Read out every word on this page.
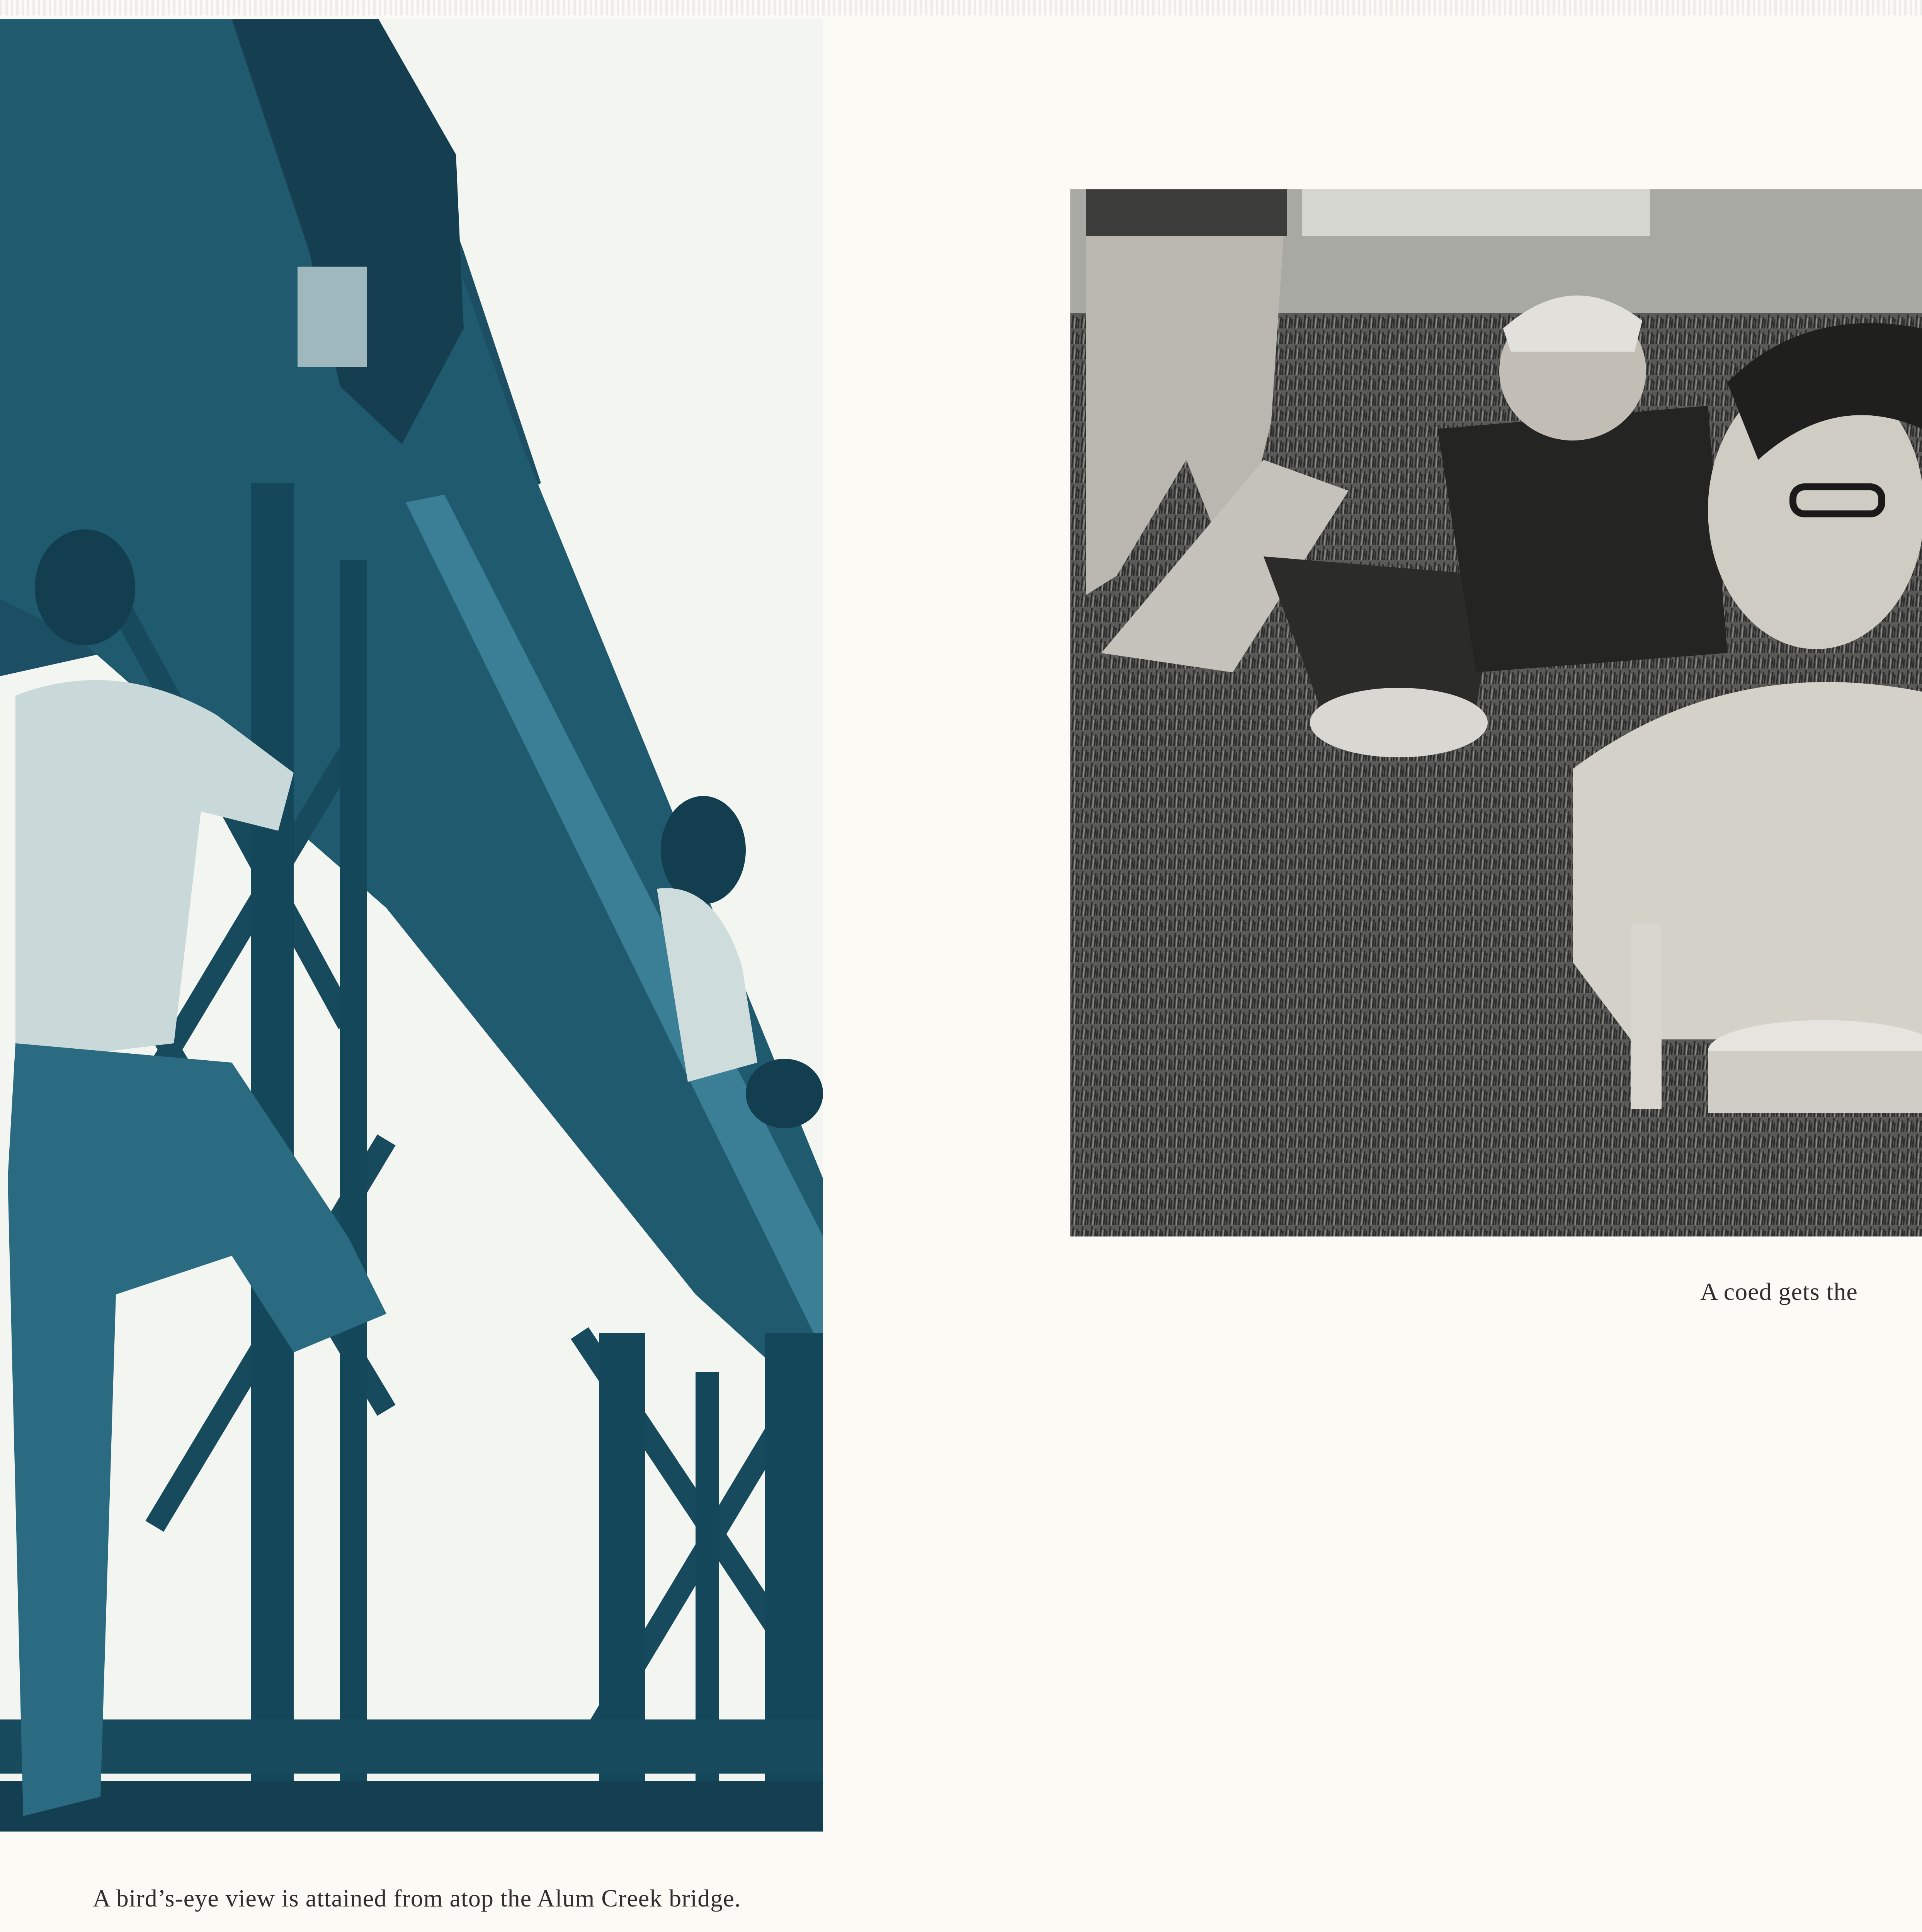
A coed gets the
A bird’s-eye view is attained from atop the Alum Creek bridge.
